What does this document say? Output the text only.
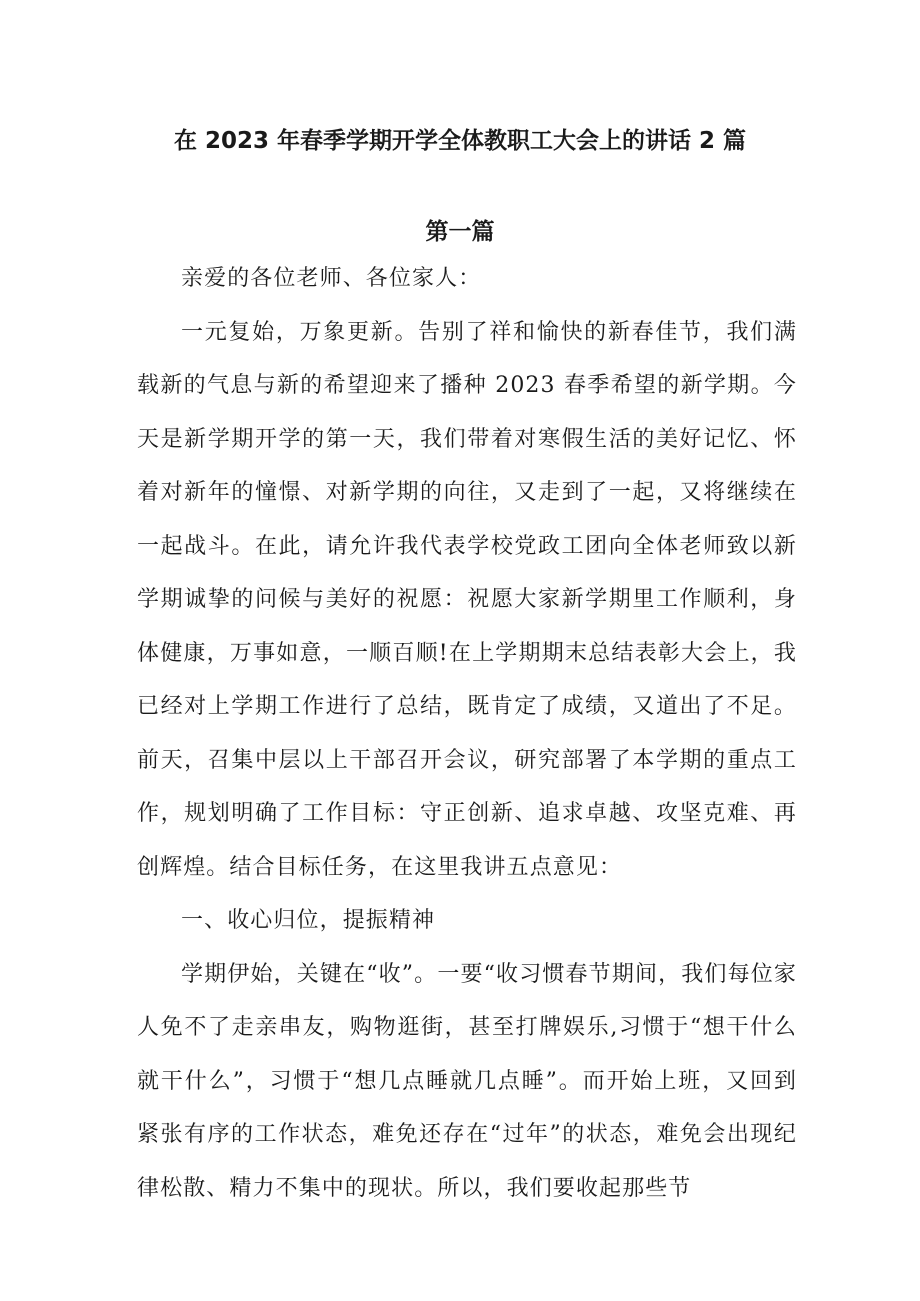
在 2023 年春季学期开学全体教职工大会上的讲话 2 篇
第一篇

亲爱的各位老师、各位家人：

一元复始，万象更新。告别了祥和愉快的新春佳节，我们满载新的气息与新的希望迎来了播种 2023 春季希望的新学期。今天是新学期开学的第一天，我们带着对寒假生活的美好记忆、怀着对新年的憧憬、对新学期的向往，又走到了一起，又将继续在一起战斗。在此，请允许我代表学校党政工团向全体老师致以新学期诚挚的问候与美好的祝愿：祝愿大家新学期里工作顺利，身体健康，万事如意，一顺百顺!在上学期期末总结表彰大会上，我已经对上学期工作进行了总结，既肯定了成绩，又道出了不足。前天，召集中层以上干部召开会议，研究部署了本学期的重点工作，规划明确了工作目标：守正创新、追求卓越、攻坚克难、再创辉煌。结合目标任务，在这里我讲五点意见：

一、收心归位，提振精神

学期伊始，关键在“收”。一要“收习惯春节期间，我们每位家人免不了走亲串友，购物逛街，甚至打牌娱乐,习惯于“想干什么就干什么”，习惯于“想几点睡就几点睡”。而开始上班，又回到紧张有序的工作状态，难免还存在“过年”的状态，难免会出现纪律松散、精力不集中的现状。所以，我们要收起那些节
